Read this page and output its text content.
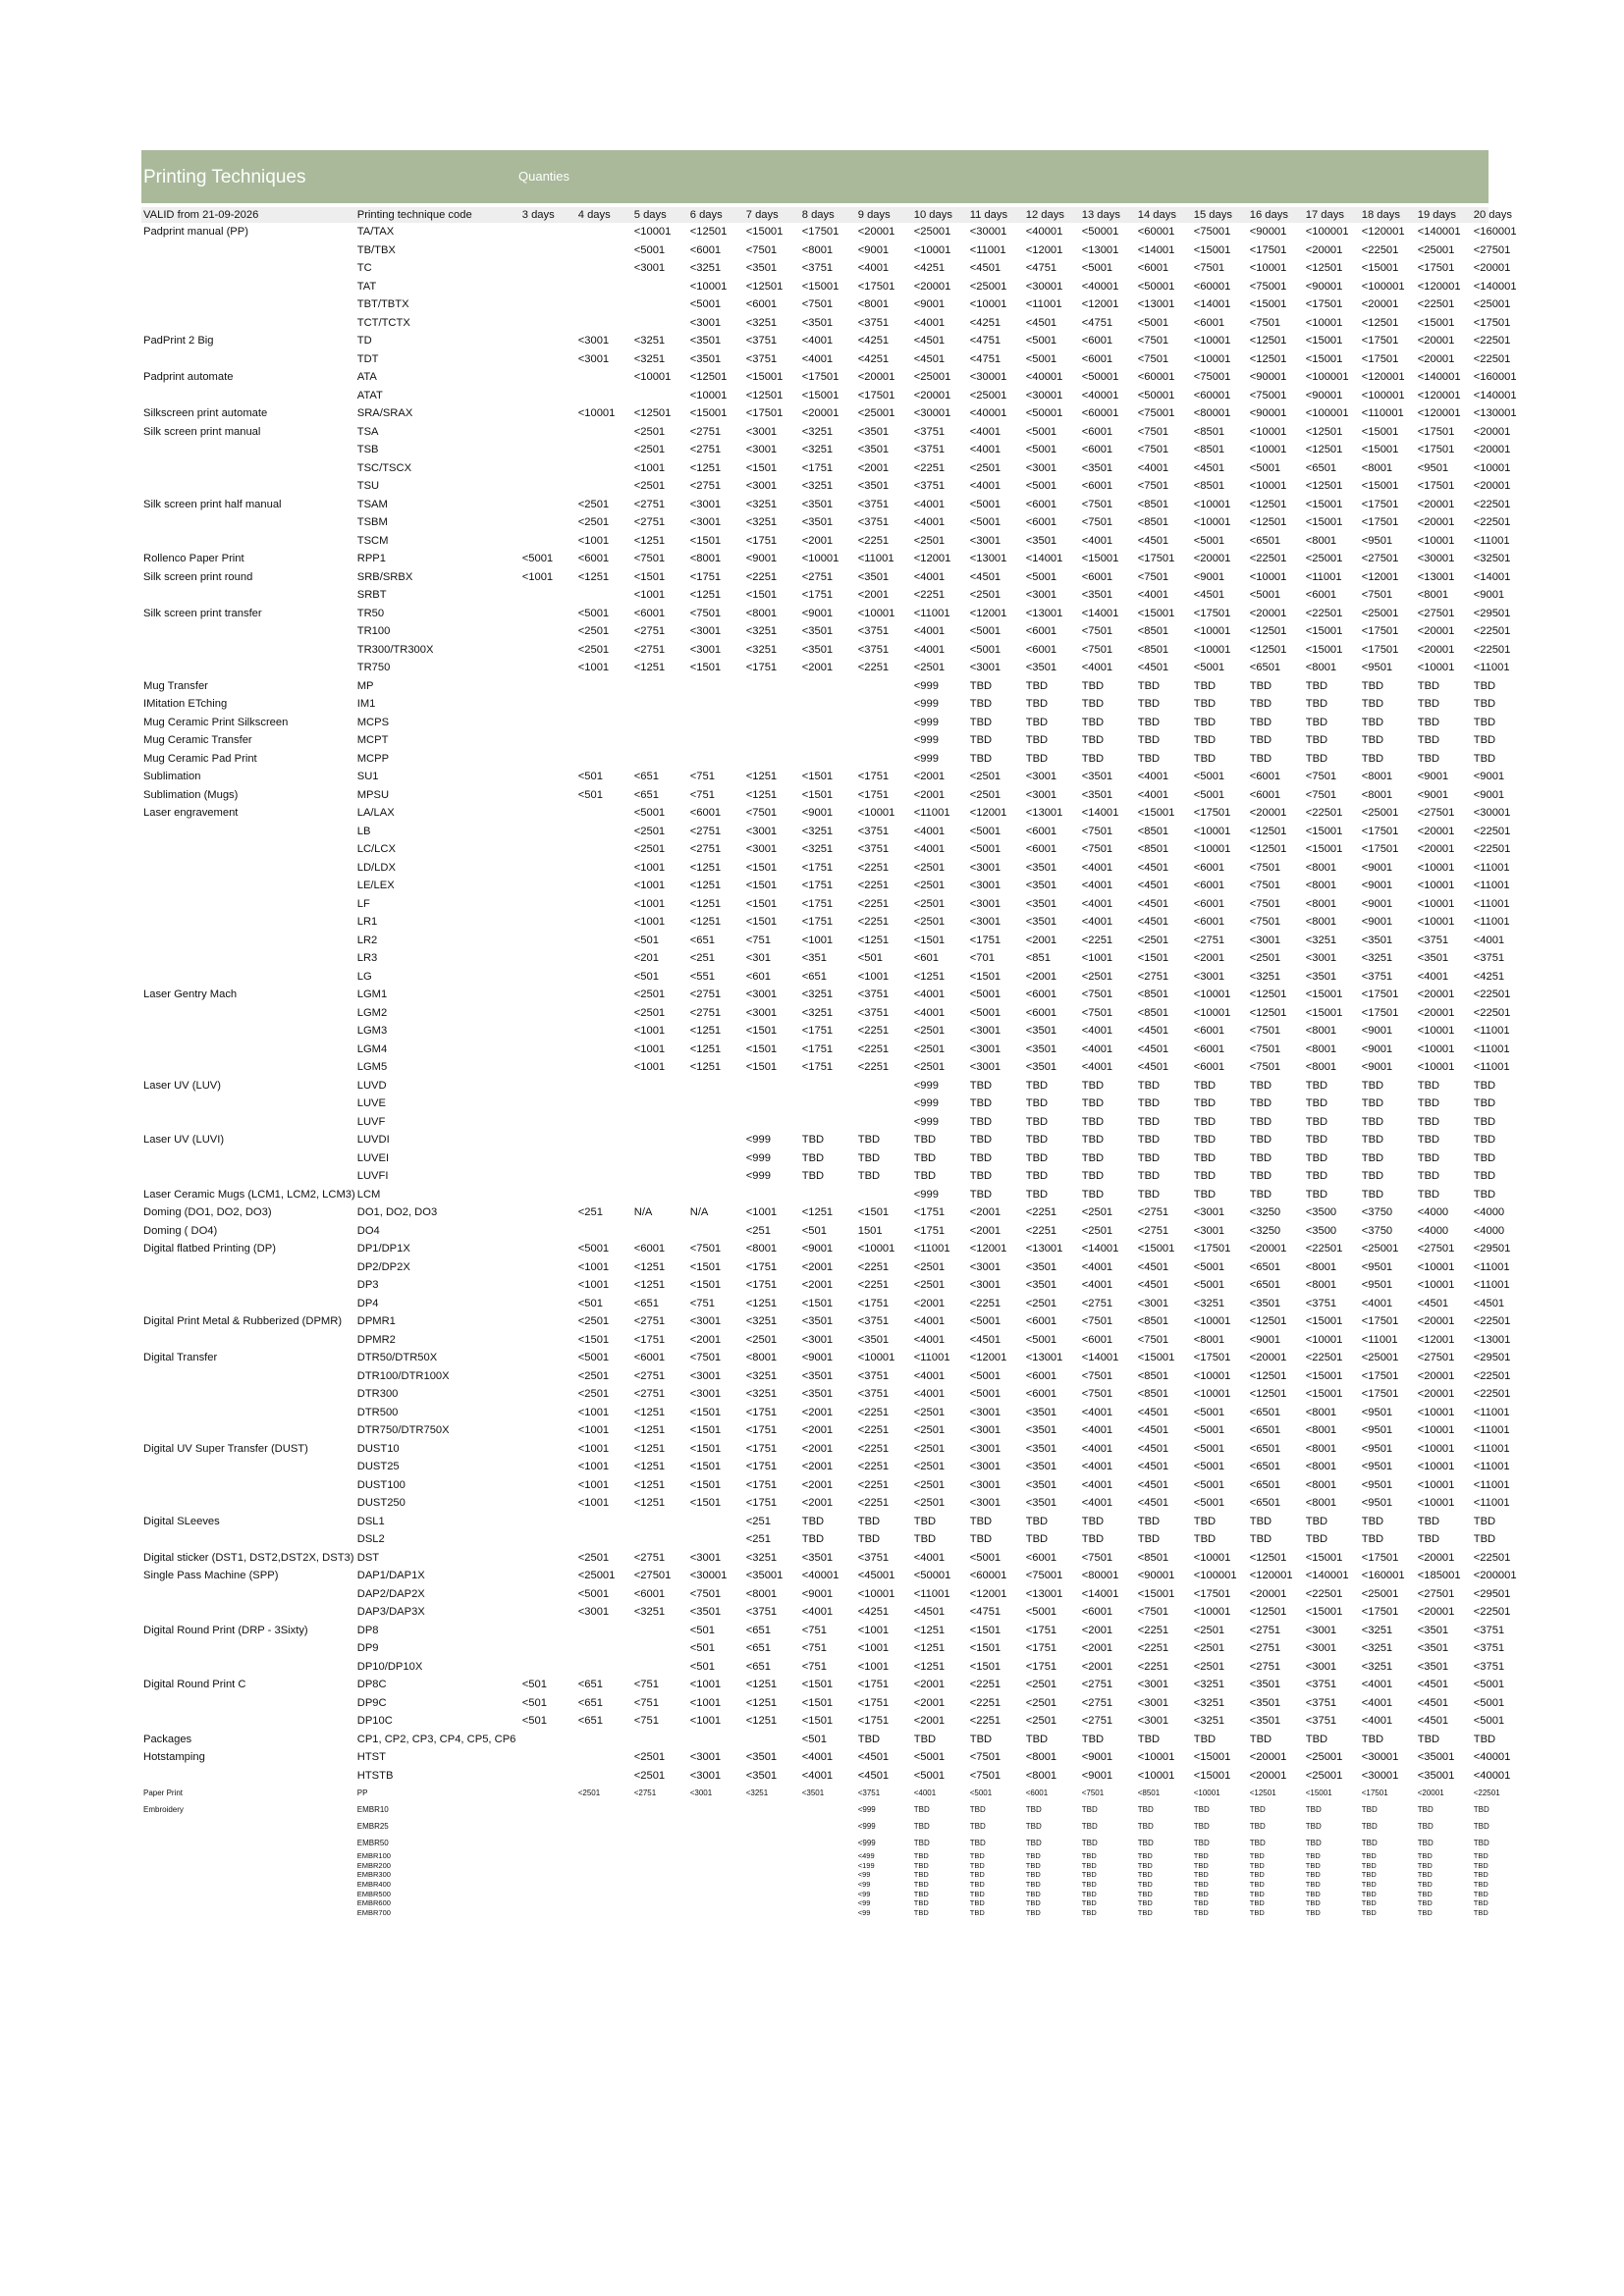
Printing Techniques	Quanties
VALID from 21-09-2026	Printing technique code	3 days	4 days	5 days	6 days	7 days	8 days	9 days	10 days	11 days	12 days	13 days	14 days	15 days	16 days	17 days	18 days	19 days	20 days
Padprint manual (PP)	TA/TAX			<10001	<12501	<15001	<17501	<20001	<25001	<30001	<40001	<50001	<60001	<75001	<90001	<100001	<120001	<140001	<160001
	TB/TBX			<5001	<6001	<7501	<8001	<9001	<10001	<11001	<12001	<13001	<14001	<15001	<17501	<20001	<22501	<25001	<27501
	TC			<3001	<3251	<3501	<3751	<4001	<4251	<4501	<4751	<5001	<6001	<7501	<10001	<12501	<15001	<17501	<20001
	TAT				<10001	<12501	<15001	<17501	<20001	<25001	<30001	<40001	<50001	<60001	<75001	<90001	<100001	<120001	<140001
	TBT/TBTX				<5001	<6001	<7501	<8001	<9001	<10001	<11001	<12001	<13001	<14001	<15001	<17501	<20001	<22501	<25001
	TCT/TCTX				<3001	<3251	<3501	<3751	<4001	<4251	<4501	<4751	<5001	<6001	<7501	<10001	<12501	<15001	<17501
PadPrint 2 Big	TD		<3001	<3251	<3501	<3751	<4001	<4251	<4501	<4751	<5001	<6001	<7501	<10001	<12501	<15001	<17501	<20001	<22501
	TDT		<3001	<3251	<3501	<3751	<4001	<4251	<4501	<4751	<5001	<6001	<7501	<10001	<12501	<15001	<17501	<20001	<22501
Padprint automate	ATA			<10001	<12501	<15001	<17501	<20001	<25001	<30001	<40001	<50001	<60001	<75001	<90001	<100001	<120001	<140001	<160001
	ATAT				<10001	<12501	<15001	<17501	<20001	<25001	<30001	<40001	<50001	<60001	<75001	<90001	<100001	<120001	<140001
Silkscreen print automate	SRA/SRAX		<10001	<12501	<15001	<17501	<20001	<25001	<30001	<40001	<50001	<60001	<75001	<80001	<90001	<100001	<110001	<120001	<130001
Silk screen print manual	TSA			<2501	<2751	<3001	<3251	<3501	<3751	<4001	<5001	<6001	<7501	<8501	<10001	<12501	<15001	<17501	<20001
	TSB			<2501	<2751	<3001	<3251	<3501	<3751	<4001	<5001	<6001	<7501	<8501	<10001	<12501	<15001	<17501	<20001
	TSC/TSCX			<1001	<1251	<1501	<1751	<2001	<2251	<2501	<3001	<3501	<4001	<4501	<5001	<6501	<8001	<9501	<10001
	TSU			<2501	<2751	<3001	<3251	<3501	<3751	<4001	<5001	<6001	<7501	<8501	<10001	<12501	<15001	<17501	<20001
Silk screen print half manual	TSAM		<2501	<2751	<3001	<3251	<3501	<3751	<4001	<5001	<6001	<7501	<8501	<10001	<12501	<15001	<17501	<20001	<22501
	TSBM		<2501	<2751	<3001	<3251	<3501	<3751	<4001	<5001	<6001	<7501	<8501	<10001	<12501	<15001	<17501	<20001	<22501
	TSCM		<1001	<1251	<1501	<1751	<2001	<2251	<2501	<3001	<3501	<4001	<4501	<5001	<6501	<8001	<9501	<10001	<11001
Rollenco Paper Print	RPP1	<5001	<6001	<7501	<8001	<9001	<10001	<11001	<12001	<13001	<14001	<15001	<17501	<20001	<22501	<25001	<27501	<30001	<32501
Silk screen print round	SRB/SRBX	<1001	<1251	<1501	<1751	<2251	<2751	<3501	<4001	<4501	<5001	<6001	<7501	<9001	<10001	<11001	<12001	<13001	<14001
	SRBT			<1001	<1251	<1501	<1751	<2001	<2251	<2501	<3001	<3501	<4001	<4501	<5001	<6001	<7501	<8001	<9001
Silk screen print transfer	TR50		<5001	<6001	<7501	<8001	<9001	<10001	<11001	<12001	<13001	<14001	<15001	<17501	<20001	<22501	<25001	<27501	<29501
	TR100		<2501	<2751	<3001	<3251	<3501	<3751	<4001	<5001	<6001	<7501	<8501	<10001	<12501	<15001	<17501	<20001	<22501
	TR300/TR300X		<2501	<2751	<3001	<3251	<3501	<3751	<4001	<5001	<6001	<7501	<8501	<10001	<12501	<15001	<17501	<20001	<22501
	TR750		<1001	<1251	<1501	<1751	<2001	<2251	<2501	<3001	<3501	<4001	<4501	<5001	<6501	<8001	<9501	<10001	<11001
Mug Transfer	MP								<999	TBD	TBD	TBD	TBD	TBD	TBD	TBD	TBD	TBD	TBD
IMitation ETching	IM1								<999	TBD	TBD	TBD	TBD	TBD	TBD	TBD	TBD	TBD	TBD
Mug Ceramic Print Silkscreen	MCPS								<999	TBD	TBD	TBD	TBD	TBD	TBD	TBD	TBD	TBD	TBD
Mug Ceramic Transfer	MCPT								<999	TBD	TBD	TBD	TBD	TBD	TBD	TBD	TBD	TBD	TBD
Mug Ceramic Pad Print	MCPP								<999	TBD	TBD	TBD	TBD	TBD	TBD	TBD	TBD	TBD	TBD
Sublimation	SU1		<501	<651	<751	<1251	<1501	<1751	<2001	<2501	<3001	<3501	<4001	<5001	<6001	<7501	<8001	<9001	<9001
Sublimation (Mugs)	MPSU		<501	<651	<751	<1251	<1501	<1751	<2001	<2501	<3001	<3501	<4001	<5001	<6001	<7501	<8001	<9001	<9001
Laser engravement	LA/LAX			<5001	<6001	<7501	<9001	<10001	<11001	<12001	<13001	<14001	<15001	<17501	<20001	<22501	<25001	<27501	<30001
	LB			<2501	<2751	<3001	<3251	<3751	<4001	<5001	<6001	<7501	<8501	<10001	<12501	<15001	<17501	<20001	<22501
	LC/LCX			<2501	<2751	<3001	<3251	<3751	<4001	<5001	<6001	<7501	<8501	<10001	<12501	<15001	<17501	<20001	<22501
	LD/LDX			<1001	<1251	<1501	<1751	<2251	<2501	<3001	<3501	<4001	<4501	<6001	<7501	<8001	<9001	<10001	<11001
	LE/LEX			<1001	<1251	<1501	<1751	<2251	<2501	<3001	<3501	<4001	<4501	<6001	<7501	<8001	<9001	<10001	<11001
	LF			<1001	<1251	<1501	<1751	<2251	<2501	<3001	<3501	<4001	<4501	<6001	<7501	<8001	<9001	<10001	<11001
	LR1			<1001	<1251	<1501	<1751	<2251	<2501	<3001	<3501	<4001	<4501	<6001	<7501	<8001	<9001	<10001	<11001
	LR2			<501	<651	<751	<1001	<1251	<1501	<1751	<2001	<2251	<2501	<2751	<3001	<3251	<3501	<3751	<4001
	LR3			<201	<251	<301	<351	<501	<601	<701	<851	<1001	<1501	<2001	<2501	<3001	<3251	<3501	<3751
	LG			<501	<551	<601	<651	<1001	<1251	<1501	<2001	<2501	<2751	<3001	<3251	<3501	<3751	<4001	<4251
Laser Gentry Mach	LGM1			<2501	<2751	<3001	<3251	<3751	<4001	<5001	<6001	<7501	<8501	<10001	<12501	<15001	<17501	<20001	<22501
	LGM2			<2501	<2751	<3001	<3251	<3751	<4001	<5001	<6001	<7501	<8501	<10001	<12501	<15001	<17501	<20001	<22501
	LGM3			<1001	<1251	<1501	<1751	<2251	<2501	<3001	<3501	<4001	<4501	<6001	<7501	<8001	<9001	<10001	<11001
	LGM4			<1001	<1251	<1501	<1751	<2251	<2501	<3001	<3501	<4001	<4501	<6001	<7501	<8001	<9001	<10001	<11001
	LGM5			<1001	<1251	<1501	<1751	<2251	<2501	<3001	<3501	<4001	<4501	<6001	<7501	<8001	<9001	<10001	<11001
Laser UV (LUV)	LUVD								<999	TBD	TBD	TBD	TBD	TBD	TBD	TBD	TBD	TBD	TBD
	LUVE								<999	TBD	TBD	TBD	TBD	TBD	TBD	TBD	TBD	TBD	TBD
	LUVF								<999	TBD	TBD	TBD	TBD	TBD	TBD	TBD	TBD	TBD	TBD
Laser UV (LUVI)	LUVDI					<999	TBD	TBD	TBD	TBD	TBD	TBD	TBD	TBD	TBD	TBD	TBD	TBD	TBD
	LUVEI					<999	TBD	TBD	TBD	TBD	TBD	TBD	TBD	TBD	TBD	TBD	TBD	TBD	TBD
	LUVFI					<999	TBD	TBD	TBD	TBD	TBD	TBD	TBD	TBD	TBD	TBD	TBD	TBD	TBD
Laser Ceramic Mugs (LCM1, LCM2, LCM3)	LCM								<999	TBD	TBD	TBD	TBD	TBD	TBD	TBD	TBD	TBD	TBD
Doming (DO1, DO2, DO3)	DO1, DO2, DO3		<251	N/A	N/A	<1001	<1251	<1501	<1751	<2001	<2251	<2501	<2751	<3001	<3250	<3500	<3750	<4000	<4000
Doming ( DO4)	DO4					<251	<501	1501	<1751	<2001	<2251	<2501	<2751	<3001	<3250	<3500	<3750	<4000	<4000
Digital flatbed Printing (DP)	DP1/DP1X		<5001	<6001	<7501	<8001	<9001	<10001	<11001	<12001	<13001	<14001	<15001	<17501	<20001	<22501	<25001	<27501	<29501
	DP2/DP2X		<1001	<1251	<1501	<1751	<2001	<2251	<2501	<3001	<3501	<4001	<4501	<5001	<6501	<8001	<9501	<10001	<11001
	DP3		<1001	<1251	<1501	<1751	<2001	<2251	<2501	<3001	<3501	<4001	<4501	<5001	<6501	<8001	<9501	<10001	<11001
	DP4		<501	<651	<751	<1251	<1501	<1751	<2001	<2251	<2501	<2751	<3001	<3251	<3501	<3751	<4001	<4501	<4501
Digital Print Metal & Rubberized (DPMR)	DPMR1		<2501	<2751	<3001	<3251	<3501	<3751	<4001	<5001	<6001	<7501	<8501	<10001	<12501	<15001	<17501	<20001	<22501
	DPMR2		<1501	<1751	<2001	<2501	<3001	<3501	<4001	<4501	<5001	<6001	<7501	<8001	<9001	<10001	<11001	<12001	<13001
Digital Transfer	DTR50/DTR50X		<5001	<6001	<7501	<8001	<9001	<10001	<11001	<12001	<13001	<14001	<15001	<17501	<20001	<22501	<25001	<27501	<29501
	DTR100/DTR100X		<2501	<2751	<3001	<3251	<3501	<3751	<4001	<5001	<6001	<7501	<8501	<10001	<12501	<15001	<17501	<20001	<22501
	DTR300		<2501	<2751	<3001	<3251	<3501	<3751	<4001	<5001	<6001	<7501	<8501	<10001	<12501	<15001	<17501	<20001	<22501
	DTR500		<1001	<1251	<1501	<1751	<2001	<2251	<2501	<3001	<3501	<4001	<4501	<5001	<6501	<8001	<9501	<10001	<11001
	DTR750/DTR750X		<1001	<1251	<1501	<1751	<2001	<2251	<2501	<3001	<3501	<4001	<4501	<5001	<6501	<8001	<9501	<10001	<11001
Digital UV Super Transfer (DUST)	DUST10		<1001	<1251	<1501	<1751	<2001	<2251	<2501	<3001	<3501	<4001	<4501	<5001	<6501	<8001	<9501	<10001	<11001
	DUST25		<1001	<1251	<1501	<1751	<2001	<2251	<2501	<3001	<3501	<4001	<4501	<5001	<6501	<8001	<9501	<10001	<11001
	DUST100		<1001	<1251	<1501	<1751	<2001	<2251	<2501	<3001	<3501	<4001	<4501	<5001	<6501	<8001	<9501	<10001	<11001
	DUST250		<1001	<1251	<1501	<1751	<2001	<2251	<2501	<3001	<3501	<4001	<4501	<5001	<6501	<8001	<9501	<10001	<11001
Digital SLeeves	DSL1					<251	TBD	TBD	TBD	TBD	TBD	TBD	TBD	TBD	TBD	TBD	TBD	TBD	TBD
	DSL2					<251	TBD	TBD	TBD	TBD	TBD	TBD	TBD	TBD	TBD	TBD	TBD	TBD	TBD
Digital sticker (DST1, DST2,DST2X, DST3)	DST		<2501	<2751	<3001	<3251	<3501	<3751	<4001	<5001	<6001	<7501	<8501	<10001	<12501	<15001	<17501	<20001	<22501
Single Pass Machine (SPP)	DAP1/DAP1X		<25001	<27501	<30001	<35001	<40001	<45001	<50001	<60001	<75001	<80001	<90001	<100001	<120001	<140001	<160001	<185001	<200001
	DAP2/DAP2X		<5001	<6001	<7501	<8001	<9001	<10001	<11001	<12001	<13001	<14001	<15001	<17501	<20001	<22501	<25001	<27501	<29501
	DAP3/DAP3X		<3001	<3251	<3501	<3751	<4001	<4251	<4501	<4751	<5001	<6001	<7501	<10001	<12501	<15001	<17501	<20001	<22501
Digital Round Print (DRP - 3Sixty)	DP8				<501	<651	<751	<1001	<1251	<1501	<1751	<2001	<2251	<2501	<2751	<3001	<3251	<3501	<3751
	DP9				<501	<651	<751	<1001	<1251	<1501	<1751	<2001	<2251	<2501	<2751	<3001	<3251	<3501	<3751
	DP10/DP10X				<501	<651	<751	<1001	<1251	<1501	<1751	<2001	<2251	<2501	<2751	<3001	<3251	<3501	<3751
Digital Round Print C	DP8C	<501	<651	<751	<1001	<1251	<1501	<1751	<2001	<2251	<2501	<2751	<3001	<3251	<3501	<3751	<4001	<4501	<5001
	DP9C	<501	<651	<751	<1001	<1251	<1501	<1751	<2001	<2251	<2501	<2751	<3001	<3251	<3501	<3751	<4001	<4501	<5001
	DP10C	<501	<651	<751	<1001	<1251	<1501	<1751	<2001	<2251	<2501	<2751	<3001	<3251	<3501	<3751	<4001	<4501	<5001
Packages	CP1, CP2, CP3, CP4, CP5, CP6						<501	TBD	TBD	TBD	TBD	TBD	TBD	TBD	TBD	TBD	TBD	TBD	TBD
Hotstamping	HTST			<2501	<3001	<3501	<4001	<4501	<5001	<7501	<8001	<9001	<10001	<15001	<20001	<25001	<30001	<35001	<40001
	HTSTB			<2501	<3001	<3501	<4001	<4501	<5001	<7501	<8001	<9001	<10001	<15001	<20001	<25001	<30001	<35001	<40001
Paper Print	PP		<2501	<2751	<3001	<3251	<3501	<3751	<4001	<5001	<6001	<7501	<8501	<10001	<12501	<15001	<17501	<20001	<22501
Embroidery	EMBR10							<999	TBD	TBD	TBD	TBD	TBD	TBD	TBD	TBD	TBD	TBD	TBD
	EMBR25							<999	TBD	TBD	TBD	TBD	TBD	TBD	TBD	TBD	TBD	TBD	TBD
	EMBR50							<999	TBD	TBD	TBD	TBD	TBD	TBD	TBD	TBD	TBD	TBD	TBD
	EMBR100							<499	TBD	TBD	TBD	TBD	TBD	TBD	TBD	TBD	TBD	TBD	TBD
	EMBR200							<199	TBD	TBD	TBD	TBD	TBD	TBD	TBD	TBD	TBD	TBD	TBD
	EMBR300							<99	TBD	TBD	TBD	TBD	TBD	TBD	TBD	TBD	TBD	TBD	TBD
	EMBR400							<99	TBD	TBD	TBD	TBD	TBD	TBD	TBD	TBD	TBD	TBD	TBD
	EMBR500							<99	TBD	TBD	TBD	TBD	TBD	TBD	TBD	TBD	TBD	TBD	TBD
	EMBR600							<99	TBD	TBD	TBD	TBD	TBD	TBD	TBD	TBD	TBD	TBD	TBD
	EMBR700							<99	TBD	TBD	TBD	TBD	TBD	TBD	TBD	TBD	TBD	TBD	TBD
